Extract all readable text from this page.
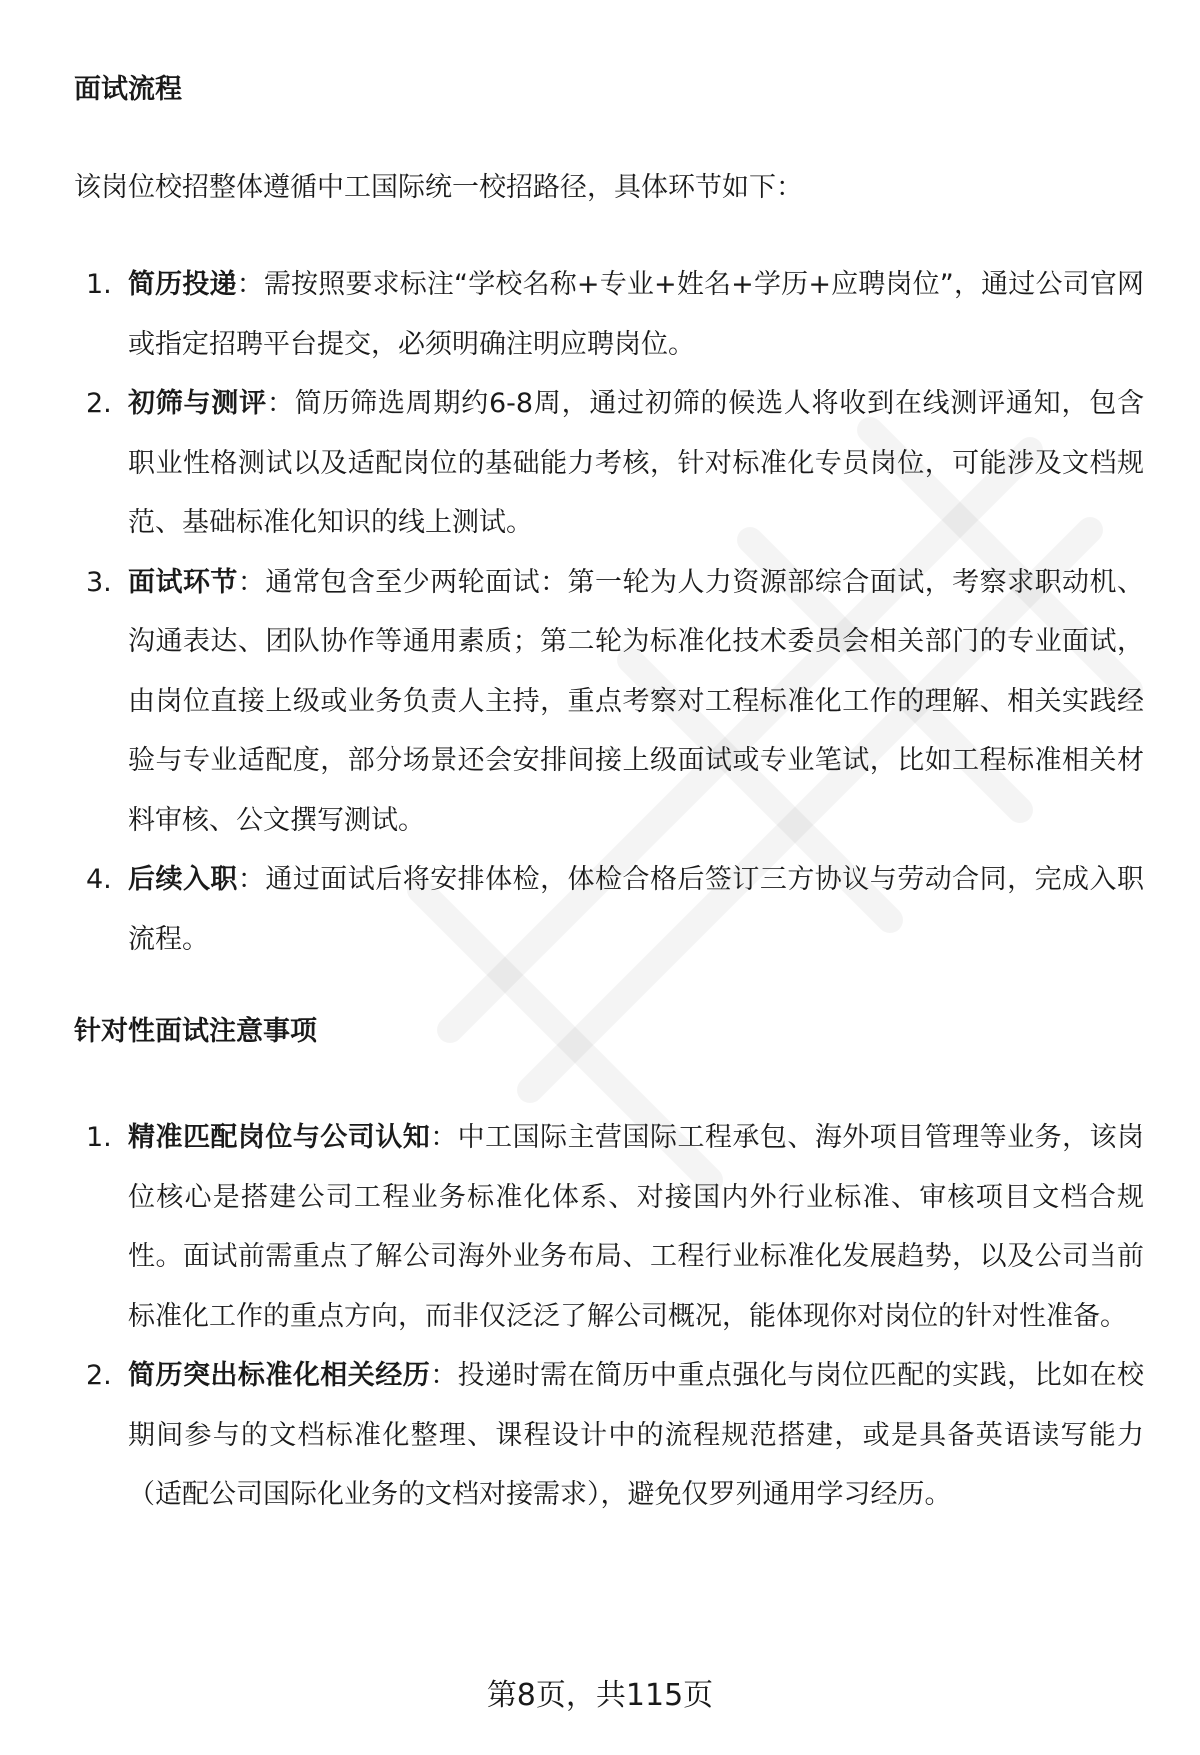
面试流程

该岗位校招整体遵循中工国际统一校招路径，具体环节如下：

1. 简历投递：需按照要求标注“学校名称+专业+姓名+学历+应聘岗位”，通过公司官网或指定招聘平台提交，必须明确注明应聘岗位。
2. 初筛与测评：简历筛选周期约6-8周，通过初筛的候选人将收到在线测评通知，包含职业性格测试以及适配岗位的基础能力考核，针对标准化专员岗位，可能涉及文档规范、基础标准化知识的线上测试。
3. 面试环节：通常包含至少两轮面试：第一轮为人力资源部综合面试，考察求职动机、沟通表达、团队协作等通用素质；第二轮为标准化技术委员会相关部门的专业面试，由岗位直接上级或业务负责人主持，重点考察对工程标准化工作的理解、相关实践经验与专业适配度，部分场景还会安排间接上级面试或专业笔试，比如工程标准相关材料审核、公文撰写测试。
4. 后续入职：通过面试后将安排体检，体检合格后签订三方协议与劳动合同，完成入职流程。
针对性面试注意事项
1. 精准匹配岗位与公司认知：中工国际主营国际工程承包、海外项目管理等业务，该岗位核心是搭建公司工程业务标准化体系、对接国内外行业标准、审核项目文档合规性。面试前需重点了解公司海外业务布局、工程行业标准化发展趋势，以及公司当前标准化工作的重点方向，而非仅泛泛了解公司概况，能体现你对岗位的针对性准备。
2. 简历突出标准化相关经历：投递时需在简历中重点强化与岗位匹配的实践，比如在校期间参与的文档标准化整理、课程设计中的流程规范搭建，或是具备英语读写能力（适配公司国际化业务的文档对接需求），避免仅罗列通用学习经历。
第8页，共115页
